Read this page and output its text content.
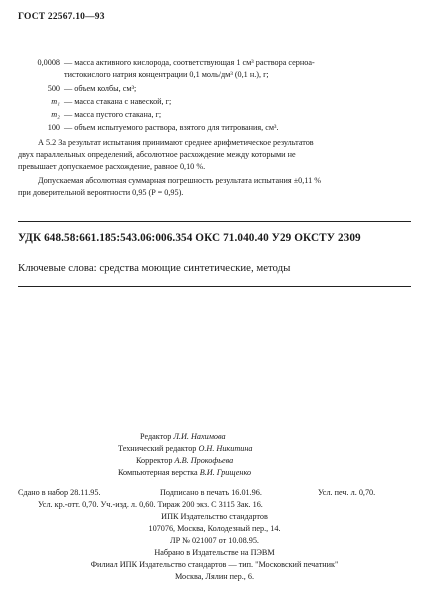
ГОСТ 22567.10—93
0,0008 — масса активного кислорода, соответствующая 1 см³ раствора серноа-
тистокислого натрия концентрации 0,1 моль/дм³ (0,1 н.), г;
500 — объем колбы, см³;
m₁ — масса стакана с навеской, г;
m₂ — масса пустого стакана, г;
100 — объем испытуемого раствора, взятого для титрования, см³.
А 5.2 За результат испытания принимают среднее арифметическое результатов
двух параллельных определений, абсолютное расхождение между которыми не
превышает допускаемое расхождение, равное 0,10 %.
Допускаемая абсолютная суммарная погрешность результата испытания ±0,11 %
при доверительной вероятности 0,95 (P = 0,95).
УДК 648.58:661.185:543.06:006.354 ОКС 71.040.40 У29 ОКСТУ 2309
Ключевые слова: средства моющие синтетические, методы
Редактор Л.И. Нахимова
Технический редактор О.Н. Никитина
Корректор А.В. Прокофьева
Компьютерная верстка В.И. Грищенко
Сдано в набор 28.11.95.	Подписано в печать 16.01.96.	Усл. печ. л. 0,70.
Усл. кр.-отт. 0,70. Уч.-изд. л. 0,60. Тираж 200 экз. С 3115 Зак. 16.
ИПК Издательство стандартов
107076, Москва, Колодезный пер., 14.
ЛР № 021007 от 10.08.95.
Набрано в Издательстве на ПЭВМ
Филиал ИПК Издательство стандартов — тип. "Московский печатник"
Москва, Лялин пер., 6.
